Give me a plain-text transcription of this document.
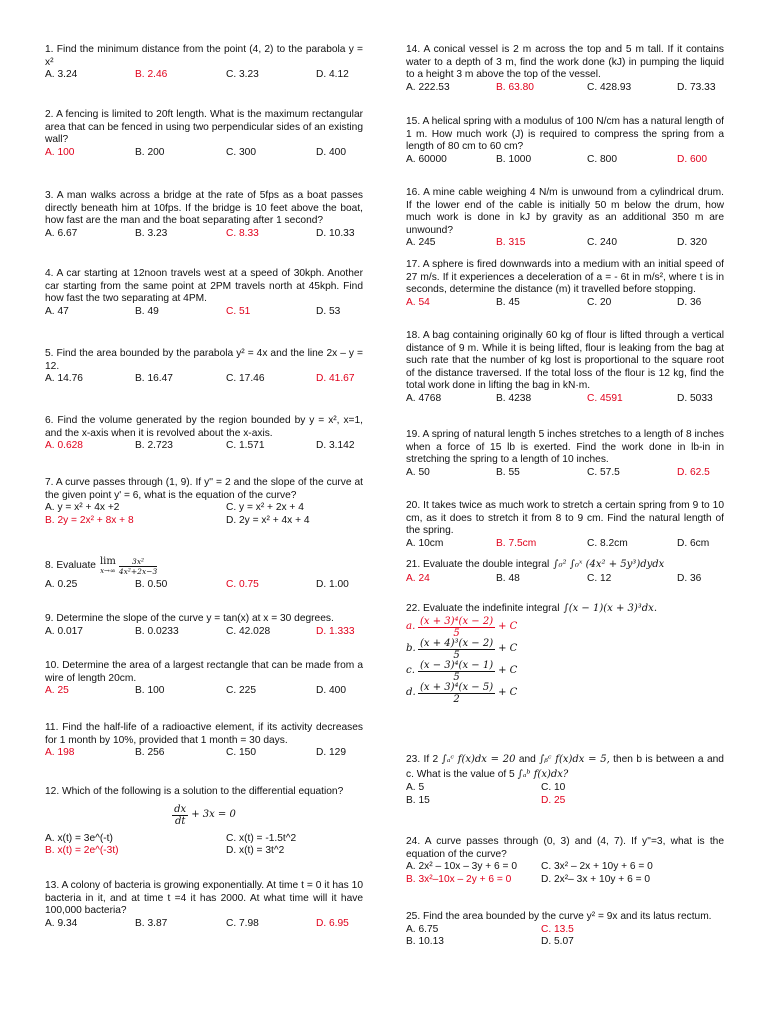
1. Find the minimum distance from the point (4, 2) to the parabola y = x²

A. 3.24	B. 2.46	C. 3.23	D. 4.12

2. A fencing is limited to 20ft length. What is the maximum rectangular area that can be fenced in using two perpendicular sides of an existing wall?

A. 100	B. 200	C. 300	D. 400

3. A man walks across a bridge at the rate of 5fps as a boat passes directly beneath him at 10fps. If the bridge is 10 feet above the boat, how fast are the man and the boat separating after 1 second?

A. 6.67	B. 3.23	C. 8.33	D. 10.33

4. A car starting at 12noon travels west at a speed of 30kph. Another car starting from the same point at 2PM travels north at 45kph. Find how fast the two separating at 4PM.

A. 47	B. 49	C. 51	D. 53

5. Find the area bounded by the parabola y² = 4x and the line 2x – y = 12.

A. 14.76	B. 16.47	C. 17.46	D. 41.67

6. Find the volume generated by the region bounded by y = x², x=1, and the x-axis when it is revolved about the x-axis.

A. 0.628	B. 2.723	C. 1.571	D. 3.142

7. A curve passes through (1, 9). If y'' = 2 and the slope of the curve at the given point y' = 6, what is the equation of the curve?

A. y = x² + 4x +2	C. y = x² + 2x + 4
B. 2y = 2x² + 8x + 8	D. 2y = x² + 4x + 4

8. Evaluate lim
$x\to\infty \frac{\text{3x²}}{\text{4x²+2x−3}}$

A. 0.25	B. 0.50	C. 0.75	D. 1.00

9. Determine the slope of the curve y = tan(x) at x = 30 degrees.

A. 0.017	B. 0.0233	C. 42.028	D. 1.333

10. Determine the area of a largest rectangle that can be made from a wire of length 20cm.

A. 25	B. 100	C. 225	D. 400

11. Find the half-life of a radioactive element, if its activity decreases for 1 month by 10%, provided that 1 month = 30 days.

A. 198	B. 256	C. 150	D. 129

12. Which of the following is a solution to the differential equation?

$\frac{dx}{dt} + 3x = 0$
A. x(t) = 3e^(-t)	C. x(t) = -1.5t^2
B. x(t) = 2e^(-3t)	D. x(t) = 3t^2

13. A colony of bacteria is growing exponentially. At time t = 0 it has 10 bacteria in it, and at time t =4 it has 2000. At what time will it have 100,000 bacteria?

A. 9.34	B. 3.87	C. 7.98	D. 6.95

14. A conical vessel is 2 m across the top and 5 m tall. If it contains water to a depth of 3 m, find the work done (kJ) in pumping the liquid to a height 3 m above the top of the vessel.

A. 222.53	B. 63.80	C. 428.93	D. 73.33

15. A helical spring with a modulus of 100 N/cm has a natural length of 1 m. How much work (J) is required to compress the spring from a length of 80 cm to 60 cm?

A. 60000	B. 1000	C. 800	D. 600

16. A mine cable weighing 4 N/m is unwound from a cylindrical drum. If the lower end of the cable is initially 50 m below the drum, how much work is done in kJ by gravity as an additional 350 m are unwound?

A. 245	B. 315	C. 240	D. 320

17. A sphere is fired downwards into a medium with an initial speed of 27 m/s. If it experiences a deceleration of a = - 6t in m/s², where t is in seconds, determine the distance (m) it travelled before stopping.

A. 54	B. 45	C. 20	D. 36

18. A bag containing originally 60 kg of flour is lifted through a vertical distance of 9 m. While it is being lifted, flour is leaking from the bag at such rate that the number of kg lost is proportional to the square root of the distance traversed. If the total loss of the flour is 12 kg, find the total work done in lifting the bag in kN·m.

A. 4768	B. 4238	C. 4591	D. 5033

19. A spring of natural length 5 inches stretches to a length of 8 inches when a force of 15 lb is exerted. Find the work done in lb-in in stretching the spring to a length of 10 inches.

A. 50	B. 55	C. 57.5	D. 62.5

20. It takes twice as much work to stretch a certain spring from 9 to 10 cm, as it does to stretch it from 8 to 9 cm. Find the natural length of the spring.

A. 10cm	B. 7.5cm	C. 8.2cm	D. 6cm

21. Evaluate the double integral ∫₀² ∫₀ˣ (4x² + 5y³)dydx

A. 24	B. 48	C. 12	D. 36

22. Evaluate the indefinite integral ∫(x − 1)(x + 3)³dx.

a. $\frac{\text{(x + 3)⁴(x − 2)}}{5} + C$
b. $\frac{\text{(x + 4)³(x − 2)}}{5} + C$
c. $\frac{\text{(x − 3)⁴(x − 1)}}{5} + C$
d. $\frac{\text{(x + 3)⁴(x − 5)}}{2} + C$

23. If 2 ∫ₐᶜ f(x)dx = 20 and ∫ᵦᶜ f(x)dx = 5, then b is between a and c. What is the value of 5 ∫ₐᵇ f(x)dx?

A. 5	C. 10
B. 15	D. 25

24. A curve passes through (0, 3) and (4, 7). If y''=3, what is the equation of the curve?

A. 2x² – 10x – 3y + 6 = 0 C. 3x² – 2x + 10y + 6 = 0
B. 3x²–10x – 2y + 6 = 0	D. 2x²– 3x + 10y + 6 = 0

25. Find the area bounded by the curve y² = 9x and its latus rectum.

A. 6.75	C. 13.5
B. 10.13	D. 5.07
